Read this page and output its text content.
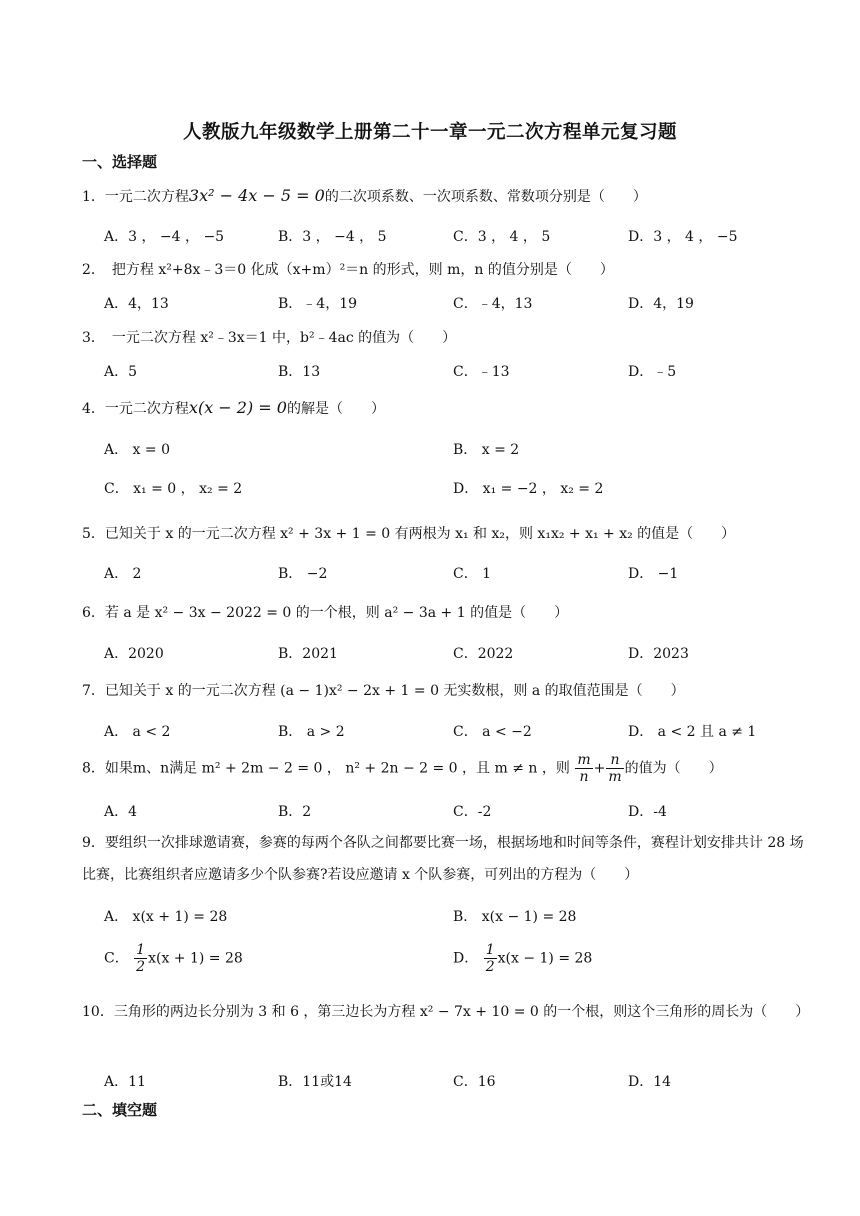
人教版九年级数学上册第二十一章一元二次方程单元复习题
一、选择题
1．一元二次方程3x² − 4x − 5 = 0的二次项系数、一次项系数、常数项分别是（　　）
A．3 ， −4 ， −5	B．3 ， −4 ， 5	C．3 ， 4 ， 5	D．3 ， 4 ， −5
2．　把方程 x²+8x﹣3＝0 化成（x+m）²＝n 的形式，则 m，n 的值分别是（　　）
A．4，13	B．﹣4，19	C．﹣4，13	D．4，19
3．　一元二次方程 x²﹣3x＝1 中，b²﹣4ac 的值为（　　）
A．5	B．13	C．﹣13	D．﹣5
4．一元二次方程x(x − 2) = 0的解是（　　）
A． x = 0	B． x = 2
C． x₁ = 0 ， x₂ = 2	D． x₁ = −2 ， x₂ = 2
5．已知关于 x 的一元二次方程 x² + 3x + 1 = 0 有两根为 x₁ 和 x₂，则 x₁x₂ + x₁ + x₂ 的值是（　　）
A． 2	B． −2	C． 1	D． −1
6．若 a 是 x² − 3x − 2022 = 0 的一个根，则 a² − 3a + 1 的值是（　　）
A．2020	B．2021	C．2022	D．2023
7．已知关于 x 的一元二次方程 (a − 1)x² − 2x + 1 = 0 无实数根，则 a 的取值范围是（　　）
A． a < 2	B． a > 2	C． a < −2	D． a < 2 且 a ≠ 1
8．如果m、n满足 m² + 2m − 2 = 0 ， n² + 2n − 2 = 0 ，且 m ≠ n ，则 $\frac{m}{n} + \frac{n}{m}$ 的值为（　　）
A．4	B．2	C．-2	D．-4
9．要组织一次排球邀请赛，参赛的每两个各队之间都要比赛一场，根据场地和时间等条件，赛程计划安排共计 28 场比赛，比赛组织者应邀请多少个队参赛?若设应邀请 x 个队参赛，可列出的方程为（　　）
A． x(x + 1) = 28	B． x(x − 1) = 28
C． $\frac{1}{2} x(x + 1) = 28$	D． $\frac{1}{2} x(x - 1) = 28$
10．三角形的两边长分别为 3 和 6 ，第三边长为方程 x² − 7x + 10 = 0 的一个根，则这个三角形的周长为（　　）
A．11	B．11或14	C．16	D．14
二、填空题
